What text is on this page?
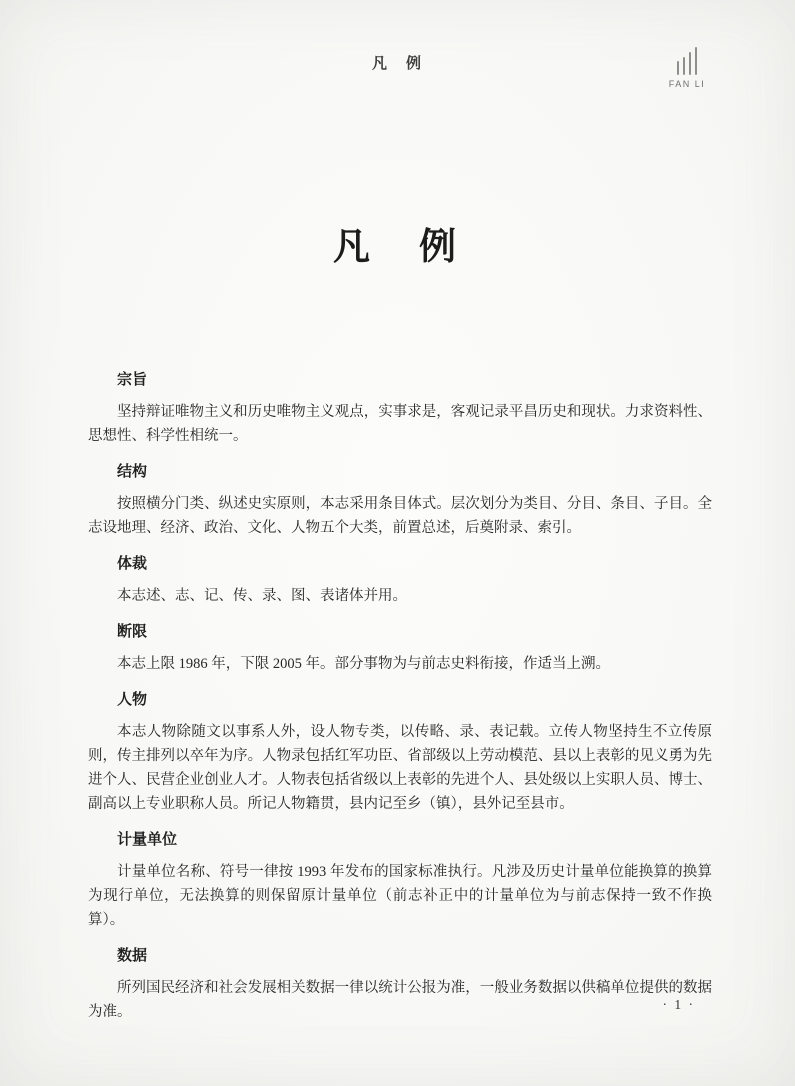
凡　例
FAN LI
凡　例
宗旨

坚持辩证唯物主义和历史唯物主义观点，实事求是，客观记录平昌历史和现状。力求资料性、思想性、科学性相统一。

结构

按照横分门类、纵述史实原则，本志采用条目体式。层次划分为类目、分目、条目、子目。全志设地理、经济、政治、文化、人物五个大类，前置总述，后奠附录、索引。

体裁

本志述、志、记、传、录、图、表诸体并用。

断限

本志上限 1986 年，下限 2005 年。部分事物为与前志史料衔接，作适当上溯。

人物

本志人物除随文以事系人外，设人物专类，以传略、录、表记载。立传人物坚持生不立传原则，传主排列以卒年为序。人物录包括红军功臣、省部级以上劳动模范、县以上表彰的见义勇为先进个人、民营企业创业人才。人物表包括省级以上表彰的先进个人、县处级以上实职人员、博士、副高以上专业职称人员。所记人物籍贯，县内记至乡（镇），县外记至县市。

计量单位

计量单位名称、符号一律按 1993 年发布的国家标准执行。凡涉及历史计量单位能换算的换算为现行单位，无法换算的则保留原计量单位（前志补正中的计量单位为与前志保持一致不作换算）。

数据

所列国民经济和社会发展相关数据一律以统计公报为准，一般业务数据以供稿单位提供的数据为准。	· 1 ·
